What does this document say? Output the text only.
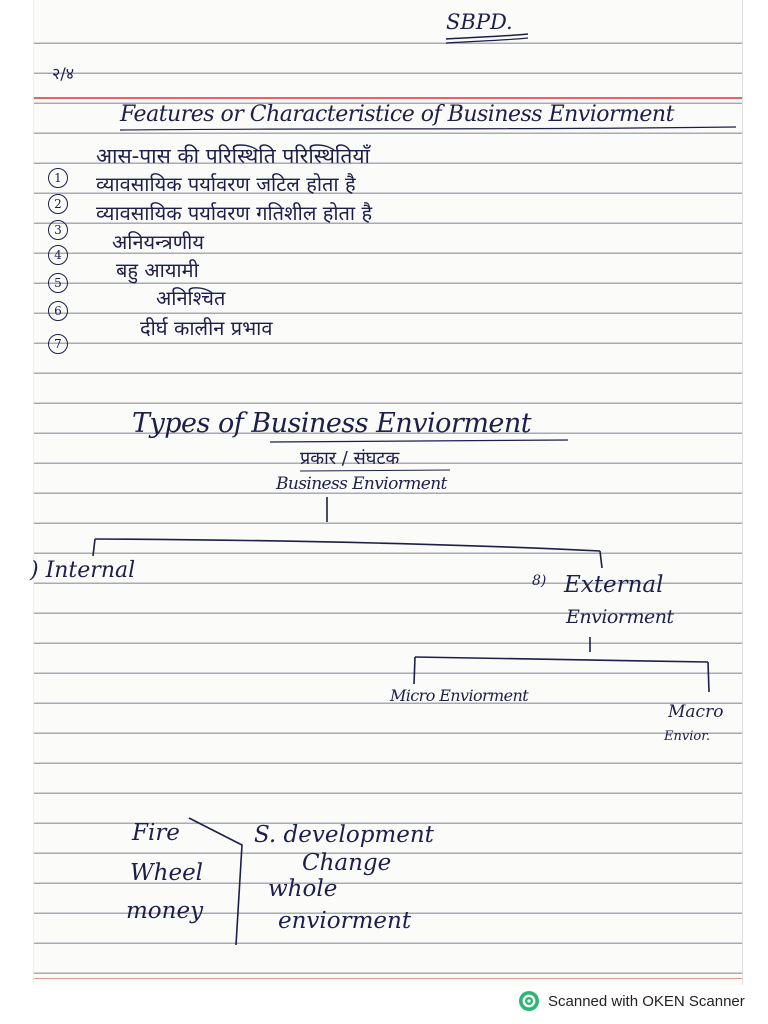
SBPD.
२/४
Features or Characteristice of Business Enviorment
आस-पास की परिस्थिति परिस्थितियाँ
1	व्यावसायिक पर्यावरण जटिल होता है
2	व्यावसायिक पर्यावरण गतिशील होता है
3	अनियन्त्रणीय
4
बहु आयामी
5
अनिश्चित
6
दीर्घ कालीन प्रभाव
7
Types of Business Enviorment
प्रकार / संघटक
Business Enviorment
) Internal	8) External
Enviorment
Micro Enviorment
Macro
Envior.
Fire
Wheel
money
S. development
Change
whole
enviorment
Scanned with OKEN Scanner
